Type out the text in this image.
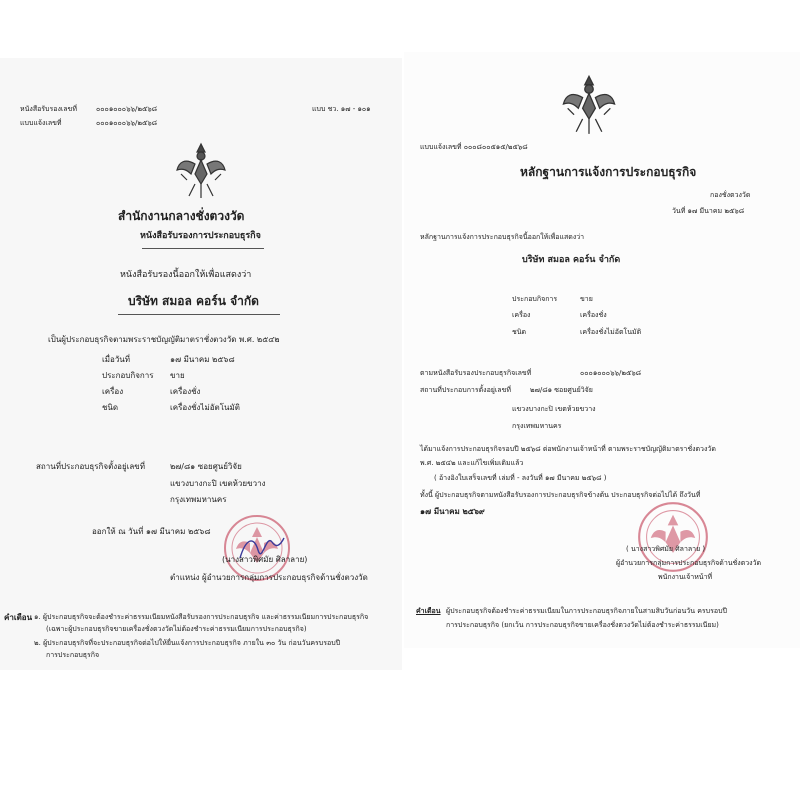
หนังสือรับรองเลขที่	๐๐๐๑๐๐๐๖๖/๒๕๖๘
แบบแจ้งเลขที่	๐๐๐๑๐๐๐๖๖/๒๕๖๘
แบบ ชว. ๑๗ - ๑๐๑
สำนักงานกลางชั่งตวงวัด
หนังสือรับรองการประกอบธุรกิจ
หนังสือรับรองนี้ออกให้เพื่อแสดงว่า
บริษัท สมอล คอร์น จำกัด
เป็นผู้ประกอบธุรกิจตามพระราชบัญญัติมาตราชั่งตวงวัด พ.ศ. ๒๕๔๒
เมื่อวันที่	๑๗ มีนาคม ๒๕๖๘
ประกอบกิจการ ขาย
เครื่อง	เครื่องชั่ง
ชนิด	เครื่องชั่งไม่อัตโนมัติ
สถานที่ประกอบธุรกิจตั้งอยู่เลขที่	๒๗/๘๑ ซอยศูนย์วิจัย
แขวงบางกะปิ เขตห้วยขวาง
กรุงเทพมหานคร
ออกให้ ณ วันที่ ๑๗ มีนาคม ๒๕๖๘
(นางสาวพิศมัย ศิลาลาย)
ตำแหน่ง ผู้อำนวยการกลุ่มการประกอบธุรกิจด้านชั่งตวงวัด
คำเตือน ๑. ผู้ประกอบธุรกิจจะต้องชำระค่าธรรมเนียมหนังสือรับรองการประกอบธุรกิจ และค่าธรรมเนียมการประกอบธุรกิจ
(เฉพาะผู้ประกอบธุรกิจขายเครื่องชั่งตวงวัดไม่ต้องชำระค่าธรรมเนียมการประกอบธุรกิจ)
๒. ผู้ประกอบธุรกิจที่จะประกอบธุรกิจต่อไปให้ยื่นแจ้งการประกอบธุรกิจ ภายใน ๓๐ วัน ก่อนวันครบรอบปี
การประกอบธุรกิจ
แบบแจ้งเลขที่ ๐๐๐๘๐๐๕๑๕/๒๕๖๘
หลักฐานการแจ้งการประกอบธุรกิจ
กองชั่งตวงวัด
วันที่ ๑๗ มีนาคม ๒๕๖๘
หลักฐานการแจ้งการประกอบธุรกิจนี้ออกให้เพื่อแสดงว่า
บริษัท สมอล คอร์น จำกัด
ประกอบกิจการ	ขาย
เครื่อง	เครื่องชั่ง
ชนิด	เครื่องชั่งไม่อัตโนมัติ
ตามหนังสือรับรองประกอบธุรกิจเลขที่	๐๐๐๑๐๐๐๖๖/๒๕๖๘
สถานที่ประกอบการตั้งอยู่เลขที่	๒๗/๘๑ ซอยศูนย์วิจัย
แขวงบางกะปิ เขตห้วยขวาง
กรุงเทพมหานคร
ได้มาแจ้งการประกอบธุรกิจรอบปี ๒๕๖๘ ต่อพนักงานเจ้าหน้าที่ ตามพระราชบัญญัติมาตราชั่งตวงวัด
พ.ศ. ๒๕๔๒ และแก้ไขเพิ่มเติมแล้ว
( อ้างอิงใบเสร็จเลขที่ เล่มที่ - ลงวันที่ ๑๗ มีนาคม ๒๕๖๘ )
ทั้งนี้ ผู้ประกอบธุรกิจตามหนังสือรับรองการประกอบธุรกิจข้างต้น ประกอบธุรกิจต่อไปได้ ถึงวันที่
๑๗ มีนาคม ๒๕๖๙
( นางสาวพิศมัย ศิลาลาย )
ผู้อำนวยการกลุ่มการประกอบธุรกิจด้านชั่งตวงวัด
พนักงานเจ้าหน้าที่
คำเตือน ผู้ประกอบธุรกิจต้องชำระค่าธรรมเนียมในการประกอบธุรกิจภายในสามสิบวันก่อนวัน ครบรอบปี
การประกอบธุรกิจ (ยกเว้น การประกอบธุรกิจขายเครื่องชั่งตวงวัดไม่ต้องชำระค่าธรรมเนียม)
